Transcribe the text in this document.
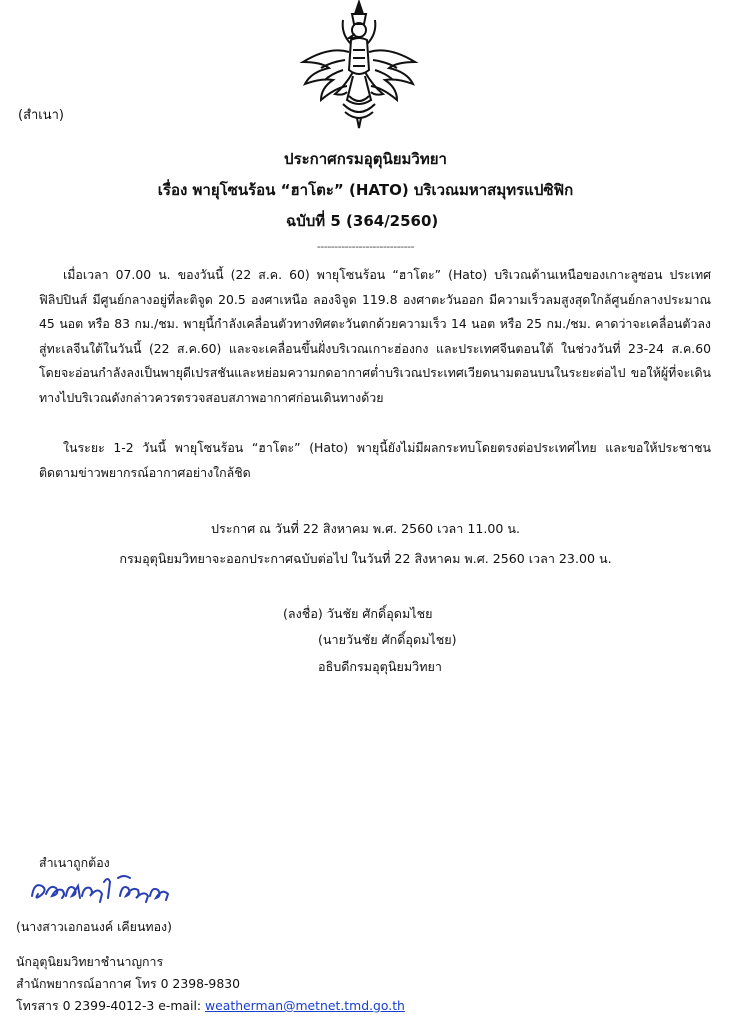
(สำเนา)
ประกาศกรมอุตุนิยมวิทยา
เรื่อง พายุโซนร้อน “ฮาโตะ” (HATO) บริเวณมหาสมุทรแปซิฟิก
ฉบับที่ 5 (364/2560)
----------------------------
เมื่อเวลา 07.00 น. ของวันนี้ (22 ส.ค. 60) พายุโซนร้อน “ฮาโตะ” (Hato) บริเวณด้านเหนือของเกาะลูซอน ประเทศฟิลิปปินส์ มีศูนย์กลางอยู่ที่ละติจูด 20.5 องศาเหนือ ลองจิจูด 119.8 องศาตะวันออก มีความเร็วลมสูงสุดใกล้ศูนย์กลางประมาณ 45 นอต หรือ 83 กม./ชม. พายุนี้กำลังเคลื่อนตัวทางทิศตะวันตกด้วยความเร็ว 14 นอต หรือ 25 กม./ชม. คาดว่าจะเคลื่อนตัวลงสู่ทะเลจีนใต้ในวันนี้ (22 ส.ค.60) และจะเคลื่อนขึ้นฝั่งบริเวณเกาะฮ่องกง และประเทศจีนตอนใต้ ในช่วงวันที่ 23-24 ส.ค.60 โดยจะอ่อนกำลังลงเป็นพายุดีเปรสชันและหย่อมความกดอากาศต่ำบริเวณประเทศเวียดนามตอนบนในระยะต่อไป ขอให้ผู้ที่จะเดินทางไปบริเวณดังกล่าวควรตรวจสอบสภาพอากาศก่อนเดินทางด้วย
ในระยะ 1-2 วันนี้ พายุโซนร้อน “ฮาโตะ” (Hato) พายุนี้ยังไม่มีผลกระทบโดยตรงต่อประเทศไทย และขอให้ประชาชนติดตามข่าวพยากรณ์อากาศอย่างใกล้ชิด
ประกาศ ณ วันที่ 22 สิงหาคม พ.ศ. 2560 เวลา 11.00 น.
กรมอุตุนิยมวิทยาจะออกประกาศฉบับต่อไป ในวันที่ 22 สิงหาคม พ.ศ. 2560 เวลา 23.00 น.
(ลงชื่อ) วันชัย ศักดิ์อุดมไชย
(นายวันชัย ศักดิ์อุดมไชย)
อธิบดีกรมอุตุนิยมวิทยา
สำเนาถูกต้อง
(นางสาวเอกอนงค์ เคียนทอง)
นักอุตุนิยมวิทยาชำนาญการ
สำนักพยากรณ์อากาศ โทร 0 2398-9830
โทรสาร 0 2399-4012-3 e-mail: weatherman@metnet.tmd.go.th
